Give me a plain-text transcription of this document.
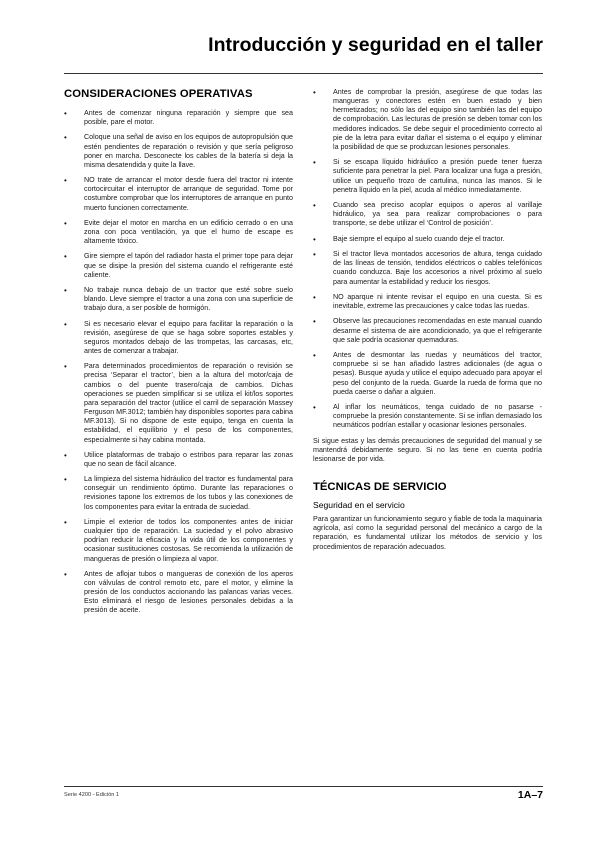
Introducción y seguridad en el taller
CONSIDERACIONES OPERATIVAS
• Antes de comenzar ninguna reparación y siempre que sea posible, pare el motor.
• Coloque una señal de aviso en los equipos de autopropulsión que estén pendientes de reparación o revisión y que sería peligroso poner en marcha. Desconecte los cables de la batería si deja la misma desatendida y quite la llave.
• NO trate de arrancar el motor desde fuera del tractor ni intente cortocircuitar el interruptor de arranque de seguridad. Tome por costumbre comprobar que los interruptores de arranque en punto muerto funcionen correctamente.
• Evite dejar el motor en marcha en un edificio cerrado o en una zona con poca ventilación, ya que el humo de escape es altamente tóxico.
• Gire siempre el tapón del radiador hasta el primer tope para dejar que se disipe la presión del sistema cuando el refrigerante esté caliente.
• No trabaje nunca debajo de un tractor que esté sobre suelo blando. Lleve siempre el tractor a una zona con una superficie de trabajo dura, a ser posible de hormigón.
• Si es necesario elevar el equipo para facilitar la reparación o la revisión, asegúrese de que se haga sobre soportes estables y seguros montados debajo de las trompetas, las carcasas, etc, antes de comenzar a trabajar.
• Para determinados procedimientos de reparación o revisión se precisa ‘Separar el tractor’, bien a la altura del motor/caja de cambios o del puente trasero/caja de cambios. Dichas operaciones se pueden simplificar si se utiliza el kit/los soportes para separación del tractor (utilice el carril de separación Massey Ferguson MF.3012; también hay disponibles soportes para cabina MF.3013). Si no dispone de este equipo, tenga en cuenta la estabilidad, el equilibrio y el peso de los componentes, especialmente si hay cabina montada.
• Utilice plataformas de trabajo o estribos para reparar las zonas que no sean de fácil alcance.
• La limpieza del sistema hidráulico del tractor es fundamental para conseguir un rendimiento óptimo. Durante las reparaciones o revisiones tapone los extremos de los tubos y las conexiones de los componentes para evitar la entrada de suciedad.
• Limpie el exterior de todos los componentes antes de iniciar cualquier tipo de reparación. La suciedad y el polvo abrasivo podrían reducir la eficacia y la vida útil de los componentes y ocasionar sustituciones costosas. Se recomienda la utilización de mangueras de presión o limpieza al vapor.
• Antes de aflojar tubos o mangueras de conexión de los aperos con válvulas de control remoto etc, pare el motor, y elimine la presión de los conductos accionando las palancas varias veces. Esto eliminará el riesgo de lesiones personales debidas a la presión de aceite.
• Antes de comprobar la presión, asegúrese de que todas las mangueras y conectores estén en buen estado y bien hermetizados; no sólo las del equipo sino también las del equipo de comprobación. Las lecturas de presión se deben tomar con los medidores indicados. Se debe seguir el procedimiento correcto al pie de la letra para evitar dañar el sistema o el equipo y eliminar la posibilidad de que se produzcan lesiones personales.
• Si se escapa líquido hidráulico a presión puede tener fuerza suficiente para penetrar la piel. Para localizar una fuga a presión, utilice un pequeño trozo de cartulina, nunca las manos. Si le penetra líquido en la piel, acuda al médico inmediatamente.
• Cuando sea preciso acoplar equipos o aperos al varillaje hidráulico, ya sea para realizar comprobaciones o para transporte, se debe utilizar el ‘Control de posición’.
• Baje siempre el equipo al suelo cuando deje el tractor.
• Si el tractor lleva montados accesorios de altura, tenga cuidado de las líneas de tensión, tendidos eléctricos o cables telefónicos cuando conduzca. Baje los accesorios a nivel próximo al suelo para aumentar la estabilidad y reducir los riesgos.
• NO aparque ni intente revisar el equipo en una cuesta. Si es inevitable, extreme las precauciones y calce todas las ruedas.
• Observe las precauciones recomendadas en este manual cuando desarme el sistema de aire acondicionado, ya que el refrigerante que sale podría ocasionar quemaduras.
• Antes de desmontar las ruedas y neumáticos del tractor, compruebe si se han añadido lastres adicionales (de agua o pesas). Busque ayuda y utilice el equipo adecuado para apoyar el peso del conjunto de la rueda. Guarde la rueda de forma que no pueda caerse o dañar a alguien.
• Al inflar los neumáticos, tenga cuidado de no pasarse - compruebe la presión constantemente. Si se inflan demasiado los neumáticos podrían estallar y ocasionar lesiones personales.

Si sigue estas y las demás precauciones de seguridad del manual y se mantendrá debidamente seguro. Si no las tiene en cuenta podría lesionarse de por vida.

TÉCNICAS DE SERVICIO
Seguridad en el servicio

Para garantizar un funcionamiento seguro y fiable de toda la maquinaria agrícola, así como la seguridad personal del mecánico a cargo de la reparación, es fundamental utilizar los métodos de servicio y los procedimientos de reparación adecuados.

Serie 4200 - Edición 1	1A–7
